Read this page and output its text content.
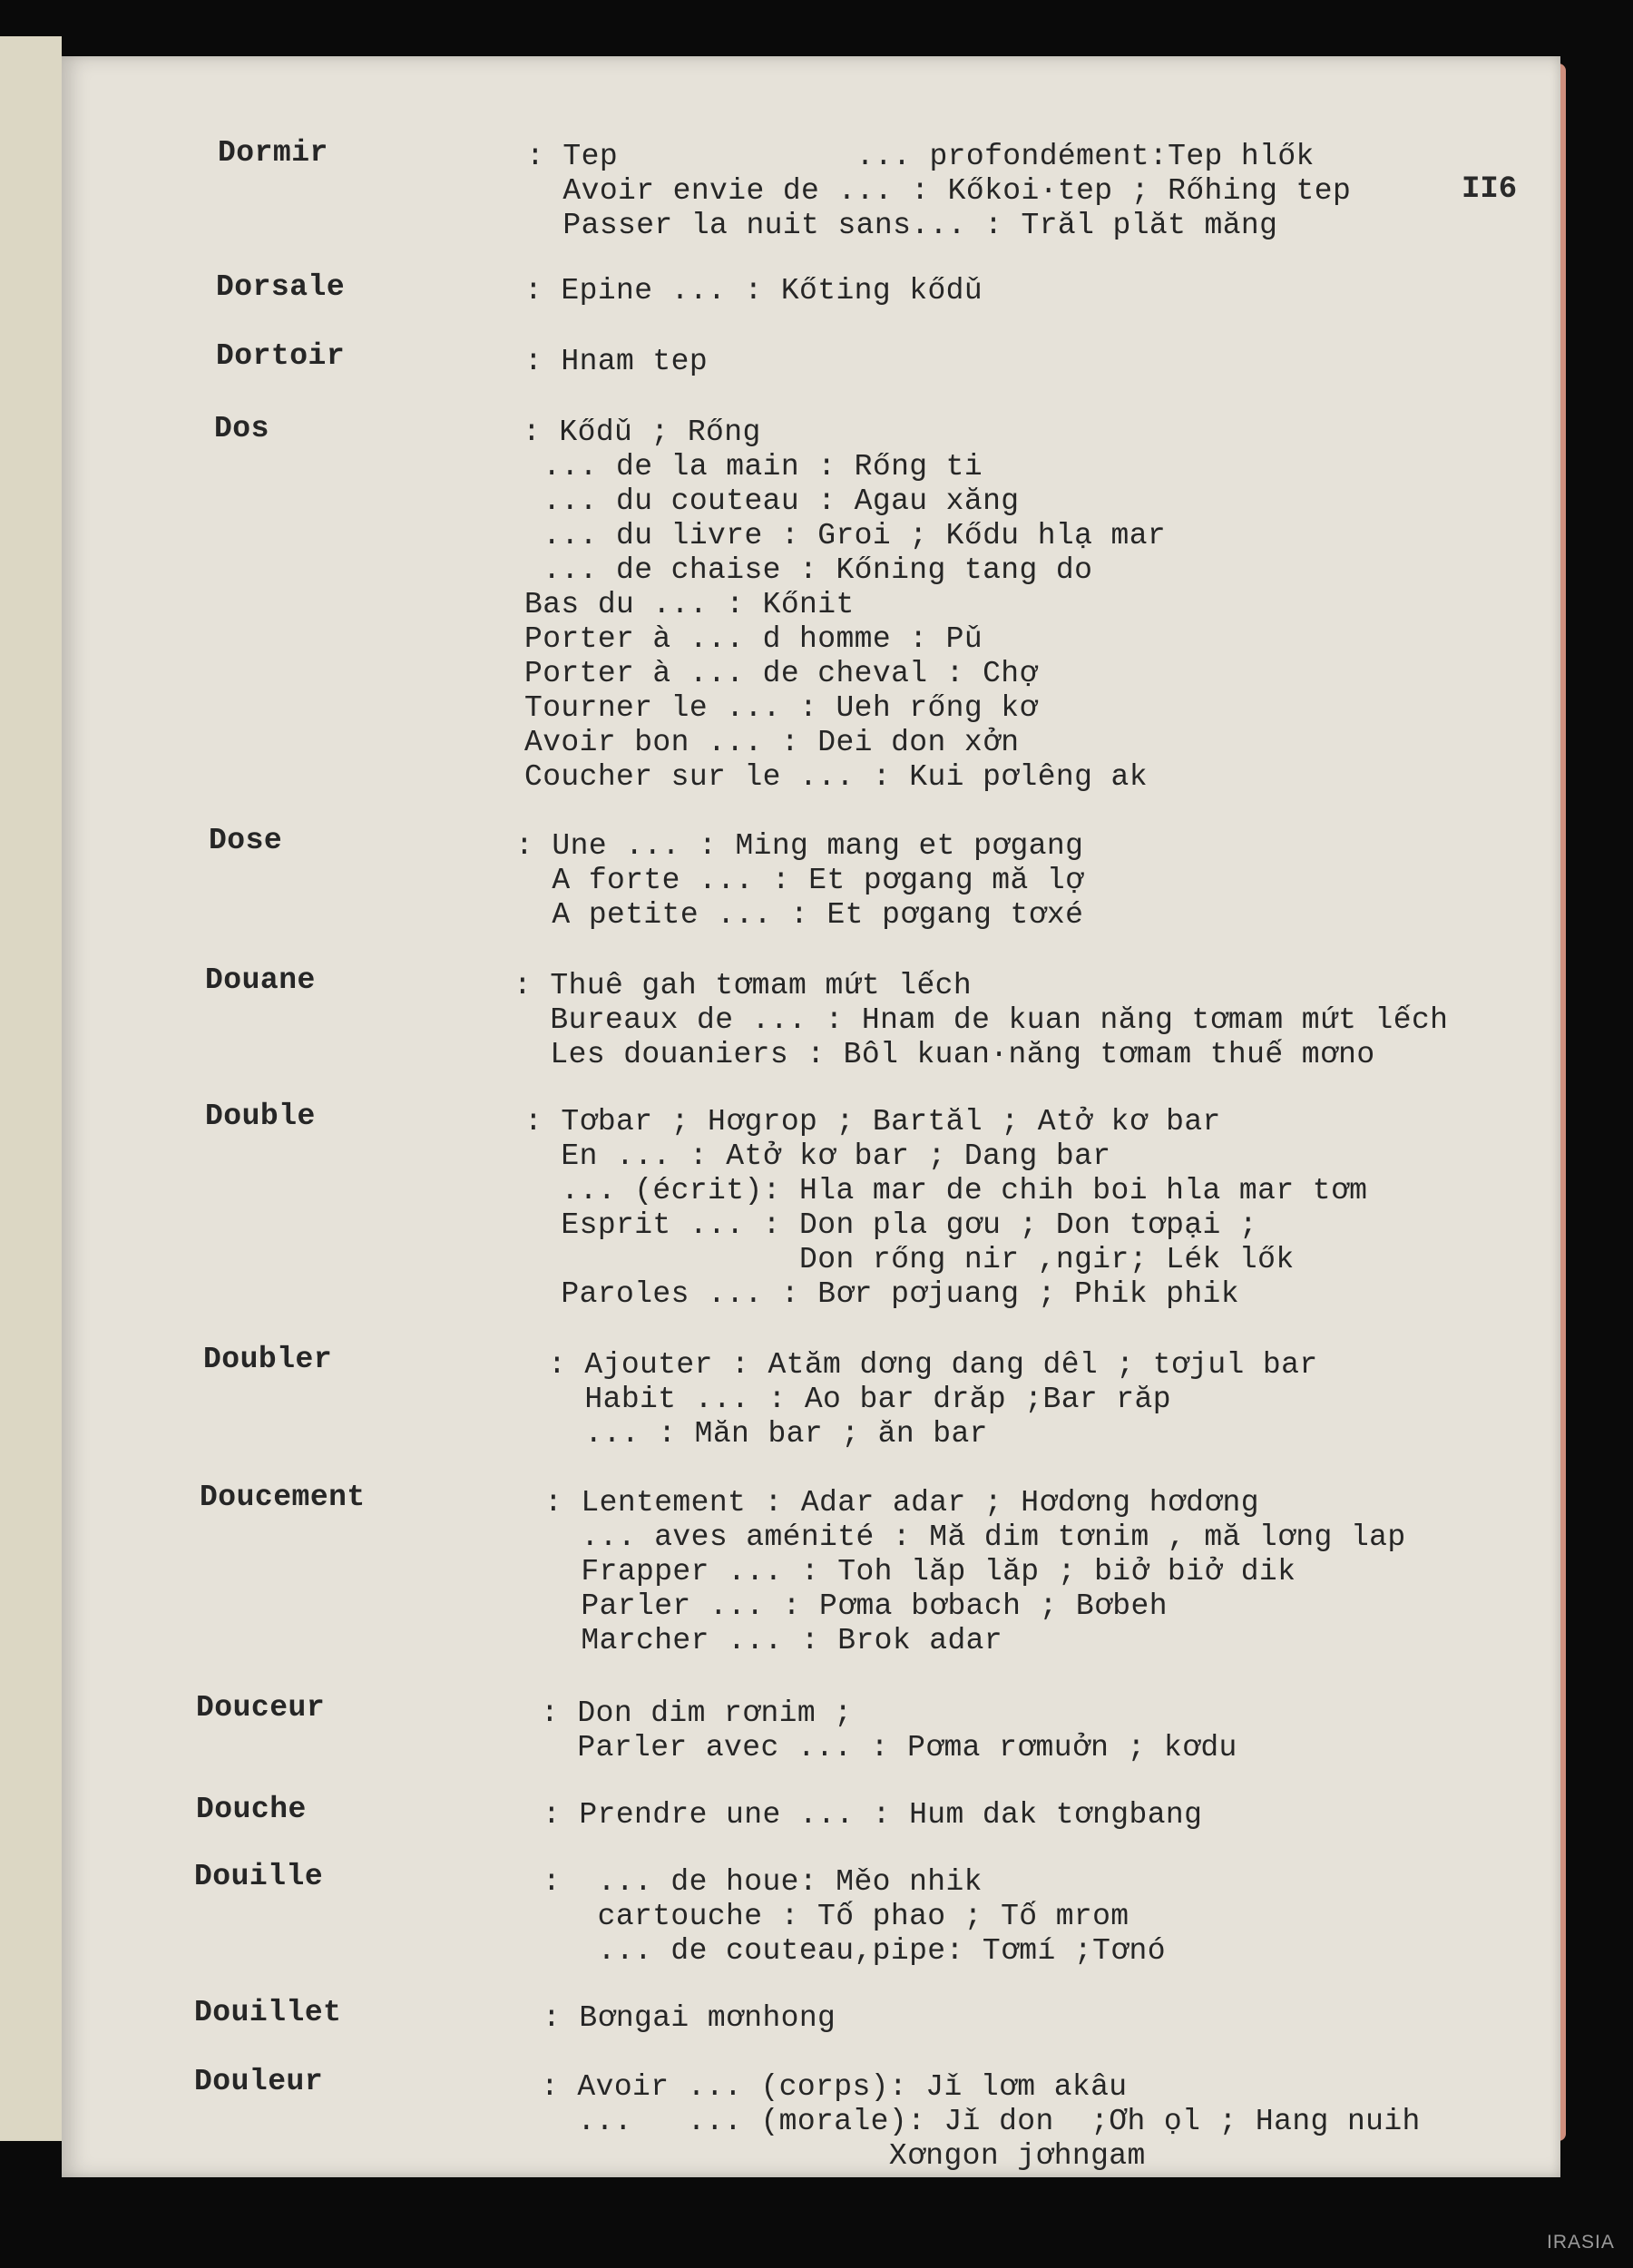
II6
Dormir	: Tep             ... profondément:Tep hlők
Avoir envie de ... : Kőkoi·tep ; Rőhing tep
Passer la nuit sans... : Trăl plăt măng
Dorsale	: Epine ... : Kőting kődǔ
Dortoir	: Hnam tep
Dos	: Kődǔ ; Rőng
... de la main : Rőng ti
... du couteau : Agau xăng
... du livre : Groi ; Kődu hlạ mar
... de chaise : Kőning tang do
Bas du ... : Kőnit
Porter à ... d homme : Pǔ
Porter à ... de cheval : Chợ
Tourner le ... : Ueh rőng kơ
Avoir bon ... : Dei don xởn
Coucher sur le ... : Kui pơlêng ak
Dose	: Une ... : Ming mang et pơgang
A forte ... : Et pơgang mă lợ
A petite ... : Et pơgang tơxé
Douane	: Thuê gah tơmam mứt lếch
Bureaux de ... : Hnam de kuan năng tơmam mứt lếch
Les douaniers : Bôl kuan·năng tơmam thuế mơno
Double	: Tơbar ; Hơgrop ; Bartăl ; Atở kơ bar
En ... : Atở kơ bar ; Dang bar
... (écrit): Hla mar de chih boi hla mar tơm
Esprit ... : Don pla gơu ; Don tơpại ;
Don rőng nir ,ngir; Lék lők
Paroles ... : Bơr pơjuang ; Phik phik
Doubler	: Ajouter : Atăm dơng dang dêl ; tơjul bar
Habit ... : Ao bar drăp ;Bar răp
... : Măn bar ; ăn bar
Doucement	: Lentement : Adar adar ; Hơdơng hơdơng
... aves aménité : Mă dim tơnim , mă lơng lap
Frapper ... : Toh lăp lăp ; biở biở dik
Parler ... : Pơma bơbach ; Bơbeh
Marcher ... : Brok adar
Douceur	: Don dim rơnim ;
Parler avec ... : Pơma rơmuởn ; kơdu
Douche	: Prendre une ... : Hum dak tơngbang
Douille	:  ... de houe: Měo nhik
cartouche : Tố phao ; Tố mrom
... de couteau,pipe: Tơmí ;Tơnó
Douillet	: Bơngai mơnhong
Douleur	: Avoir ... (corps): Jǐ lơm akâu
...   ... (morale): Jǐ don  ;Ơh ọl ; Hang nuih
Xơngon jơhngam
IRASIA
